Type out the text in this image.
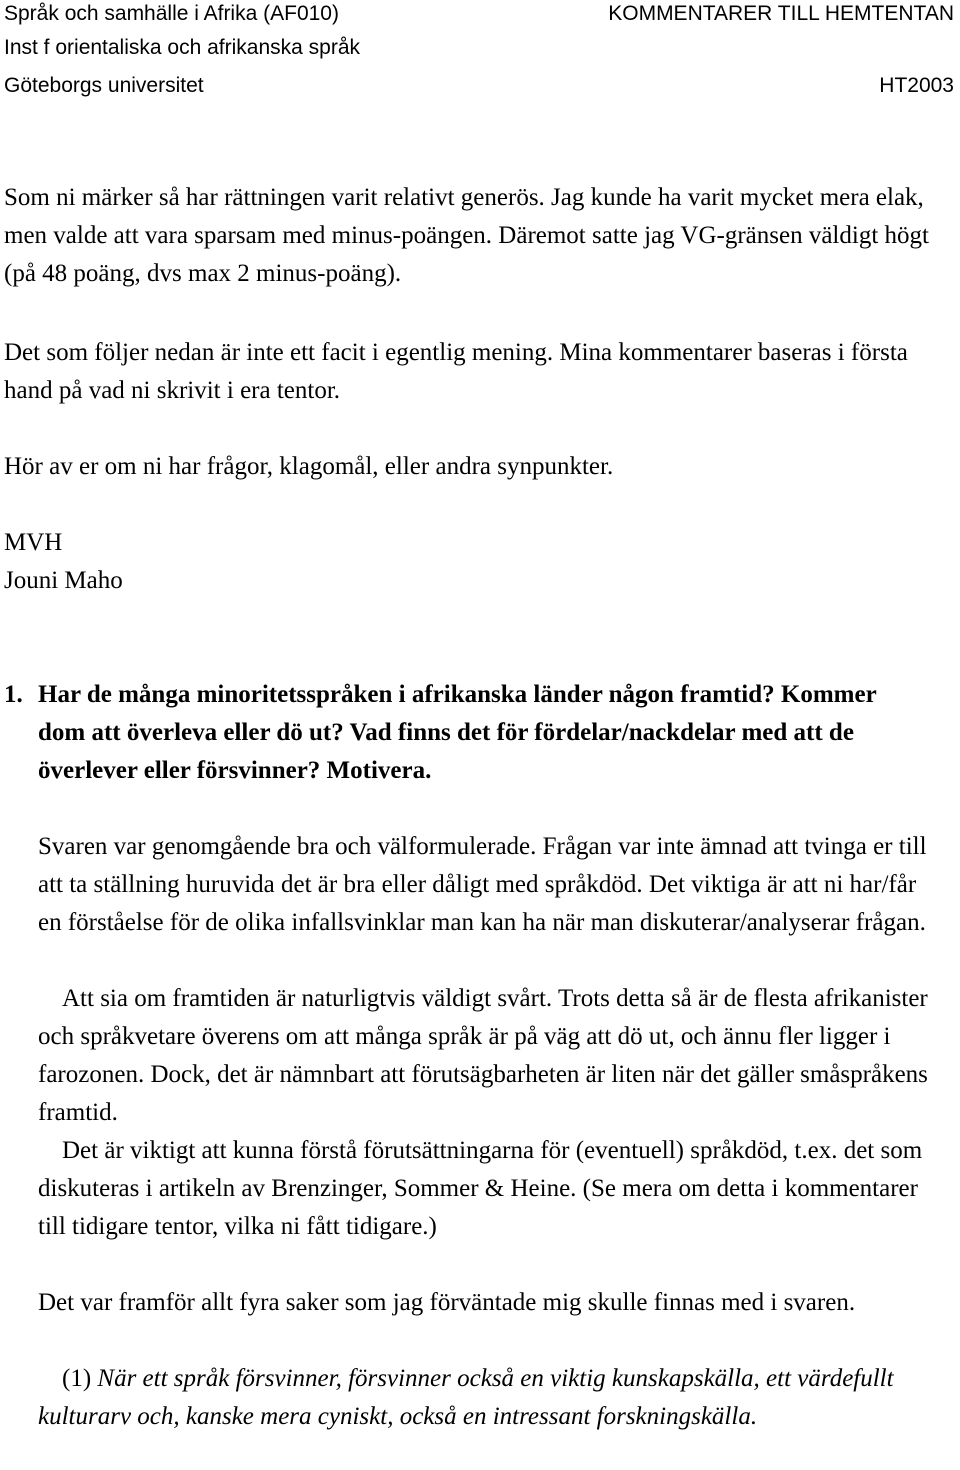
Språk och samhälle i Afrika (AF010)	KOMMENTARER TILL HEMTENTAN
Inst f orientaliska och afrikanska språk
Göteborgs universitet	HT2003

Som ni märker så har rättningen varit relativt generös. Jag kunde ha varit mycket mera elak, men valde att vara sparsam med minus-poängen. Däremot satte jag VG-gränsen väldigt högt (på 48 poäng, dvs max 2 minus-poäng).

Det som följer nedan är inte ett facit i egentlig mening. Mina kommentarer baseras i första hand på vad ni skrivit i era tentor.

Hör av er om ni har frågor, klagomål, eller andra synpunkter.

MVH
Jouni Maho
1. Har de många minoritetsspråken i afrikanska länder någon framtid? Kommer dom att överleva eller dö ut? Vad finns det för fördelar/nackdelar med att de överlever eller försvinner? Motivera.

Svaren var genomgående bra och välformulerade. Frågan var inte ämnad att tvinga er till att ta ställning huruvida det är bra eller dåligt med språkdöd. Det viktiga är att ni har/får en förståelse för de olika infallsvinklar man kan ha när man diskuterar/analyserar frågan.

Att sia om framtiden är naturligtvis väldigt svårt. Trots detta så är de flesta afrikanister och språkvetare överens om att många språk är på väg att dö ut, och ännu fler ligger i farozonen. Dock, det är nämnbart att förutsägbarheten är liten när det gäller småspråkens framtid.

Det är viktigt att kunna förstå förutsättningarna för (eventuell) språkdöd, t.ex. det som diskuteras i artikeln av Brenzinger, Sommer & Heine. (Se mera om detta i kommentarer till tidigare tentor, vilka ni fått tidigare.)

Det var framför allt fyra saker som jag förväntade mig skulle finnas med i svaren.

(1) När ett språk försvinner, försvinner också en viktig kunskapskälla, ett värdefullt kulturarv och, kanske mera cyniskt, också en intressant forskningskälla.
